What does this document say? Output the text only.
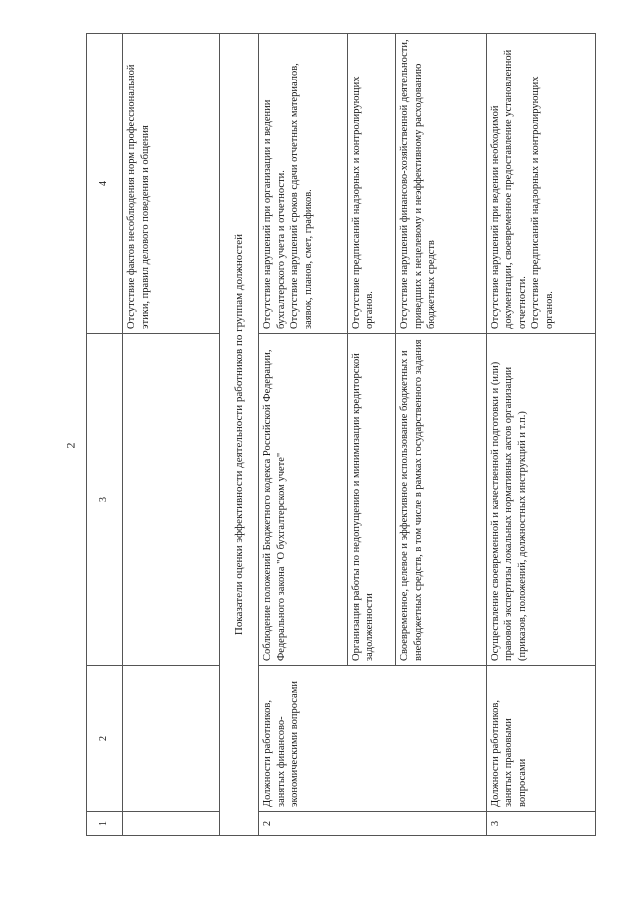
2
1	2	3	4
			Отсутствие фактов несоблюдения норм профессиональной этики, правил делового поведения и общения
Показатели оценки эффективности деятельности работников по группам должностей			
2	Должности работников, занятых финансово-экономическими вопросами	Соблюдение положений Бюджетного кодекса Российской Федерации, Федерального закона "О бухгалтерском учете"	Отсутствие нарушений при организации и ведении бухгалтерского учета и отчетности. Отсутствие нарушений сроков сдачи отчетных материалов, заявок, планов, смет, графиков.

		Организация работы по недопущению и минимизации кредиторской задолженности	Отсутствие предписаний надзорных и контролирующих органов.

		Своевременное, целевое и эффективное использование бюджетных и внебюджетных средств, в том числе в рамках государственного задания	Отсутствие нарушений финансово-хозяйственной деятельности, приведших к нецелевому и неэффективному расходованию бюджетных средств

3	Должности работников, занятых правовыми вопросами	Осуществление своевременной и качественной подготовки и (или) правовой экспертизы локальных нормативных актов организации (приказов, положений, должностных инструкций и т.п.)	Отсутствие нарушений при ведении необходимой документации, своевременное предоставление установленной отчетности. Отсутствие предписаний надзорных и контролирующих органов.
